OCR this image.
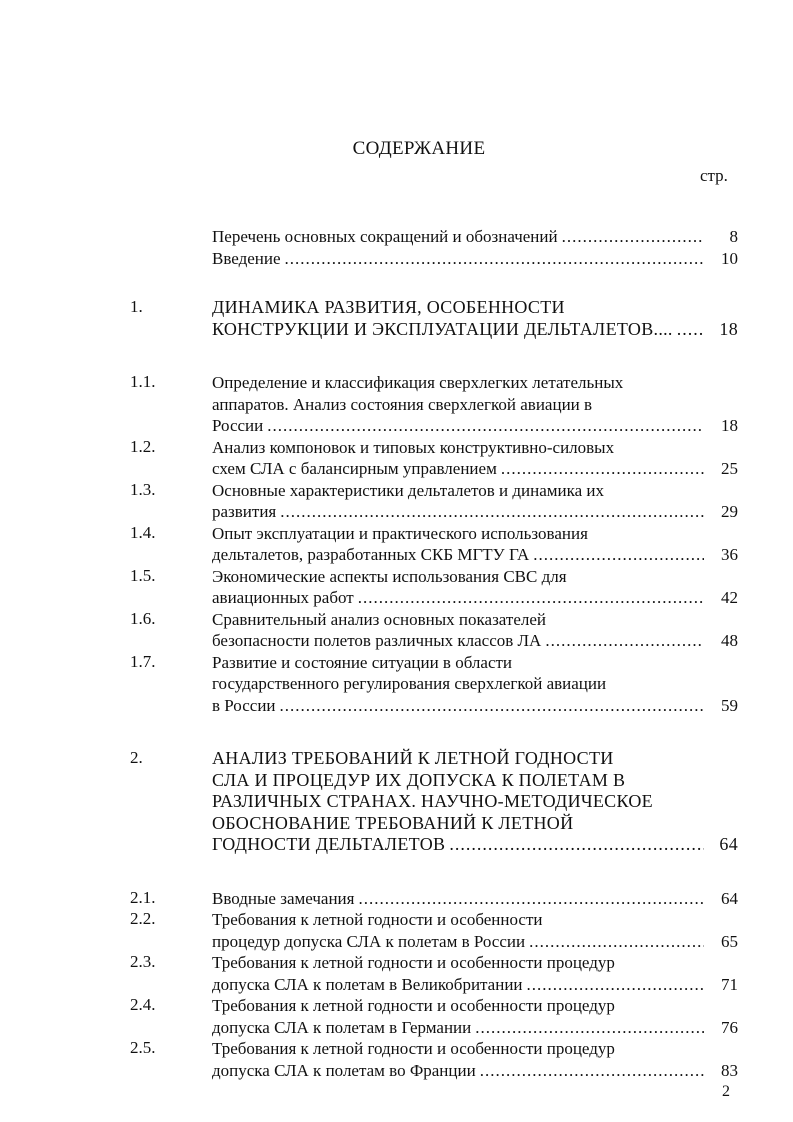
СОДЕРЖАНИЕ
стр.
Перечень основных сокращений и обозначений .....	8
Введение .....	10
1.	ДИНАМИКА РАЗВИТИЯ, ОСОБЕННОСТИ
КОНСТРУКЦИИ И ЭКСПЛУАТАЦИИ ДЕЛЬТАЛЕТОВ.... .....	18
1.1.	Определение и классификация сверхлегких летательных
аппаратов. Анализ состояния сверхлегкой авиации в
России .....	18
1.2.	Анализ компоновок и типовых конструктивно-силовых
схем СЛА с балансирным управлением .....	25
1.3.	Основные характеристики дельталетов и динамика их
развития .....	29
1.4.	Опыт эксплуатации и практического использования
дельталетов, разработанных СКБ МГТУ ГА .....	36
1.5.	Экономические аспекты использования СВС для
авиационных работ .....	42
1.6.	Сравнительный анализ основных показателей
безопасности полетов различных классов ЛА .....	48
1.7.	Развитие и состояние ситуации в области
государственного регулирования сверхлегкой авиации
в России .....	59
2.	АНАЛИЗ ТРЕБОВАНИЙ К ЛЕТНОЙ ГОДНОСТИ
СЛА И ПРОЦЕДУР ИХ ДОПУСКА К ПОЛЕТАМ В
РАЗЛИЧНЫХ СТРАНАХ. НАУЧНО-МЕТОДИЧЕСКОЕ
ОБОСНОВАНИЕ ТРЕБОВАНИЙ К ЛЕТНОЙ
ГОДНОСТИ ДЕЛЬТАЛЕТОВ .....	64
2.1.	Вводные замечания .....	64
2.2.	Требования к летной годности и особенности
процедур допуска СЛА к полетам в России .....	65
2.3.	Требования к летной годности и особенности процедур
допуска СЛА к полетам в Великобритании .....	71
2.4.	Требования к летной годности и особенности процедур
допуска СЛА к полетам в Германии .....	76
2.5.	Требования к летной годности и особенности процедур
допуска СЛА к полетам во Франции .....	83
2
